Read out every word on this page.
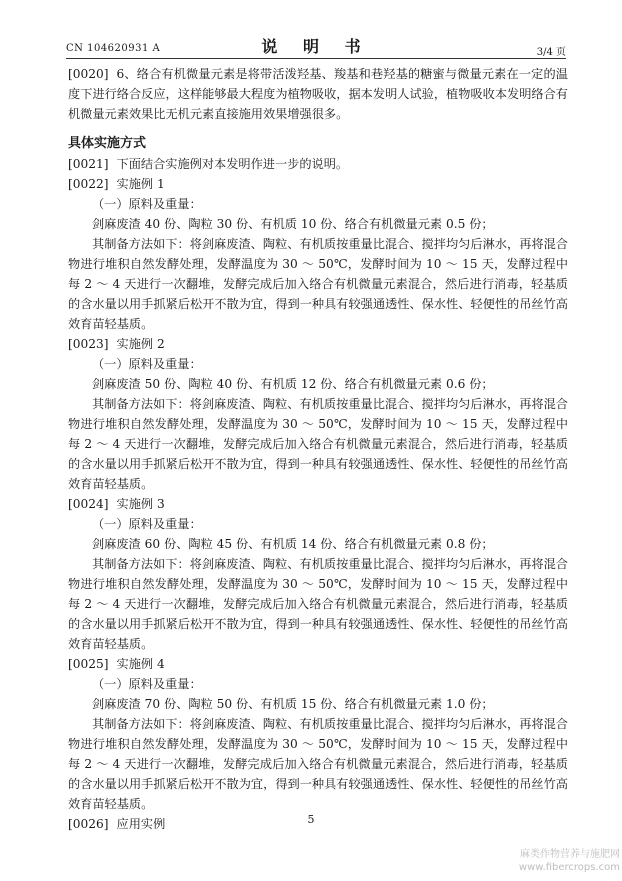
CN 104620931 A	说 明 书	3/4 页

[0020] 6、络合有机微量元素是将带活泼羟基、羧基和巷羟基的糖蜜与微量元素在一定的温度下进行络合反应，这样能够最大程度为植物吸收，据本发明人试验，植物吸收本发明络合有机微量元素效果比无机元素直接施用效果增强很多。

具体实施方式

[0021] 下面结合实施例对本发明作进一步的说明。

[0022] 实施例 1

（一）原料及重量：

剑麻废渣 40 份、陶粒 30 份、有机质 10 份、络合有机微量元素 0.5 份；

其制备方法如下：将剑麻废渣、陶粒、有机质按重量比混合、搅拌均匀后淋水，再将混合物进行堆积自然发酵处理，发酵温度为 30 ～ 50℃，发酵时间为 10 ～ 15 天，发酵过程中每 2 ～ 4 天进行一次翻堆，发酵完成后加入络合有机微量元素混合，然后进行消毒，轻基质的含水量以用手抓紧后松开不散为宜，得到一种具有较强通透性、保水性、轻便性的吊丝竹高效育苗轻基质。

[0023] 实施例 2

（一）原料及重量：

剑麻废渣 50 份、陶粒 40 份、有机质 12 份、络合有机微量元素 0.6 份；

其制备方法如下：将剑麻废渣、陶粒、有机质按重量比混合、搅拌均匀后淋水，再将混合物进行堆积自然发酵处理，发酵温度为 30 ～ 50℃，发酵时间为 10 ～ 15 天，发酵过程中每 2 ～ 4 天进行一次翻堆，发酵完成后加入络合有机微量元素混合，然后进行消毒，轻基质的含水量以用手抓紧后松开不散为宜，得到一种具有较强通透性、保水性、轻便性的吊丝竹高效育苗轻基质。

[0024] 实施例 3

（一）原料及重量：

剑麻废渣 60 份、陶粒 45 份、有机质 14 份、络合有机微量元素 0.8 份；

其制备方法如下：将剑麻废渣、陶粒、有机质按重量比混合、搅拌均匀后淋水，再将混合物进行堆积自然发酵处理，发酵温度为 30 ～ 50℃，发酵时间为 10 ～ 15 天，发酵过程中每 2 ～ 4 天进行一次翻堆，发酵完成后加入络合有机微量元素混合，然后进行消毒，轻基质的含水量以用手抓紧后松开不散为宜，得到一种具有较强通透性、保水性、轻便性的吊丝竹高效育苗轻基质。

[0025] 实施例 4

（一）原料及重量：

剑麻废渣 70 份、陶粒 50 份、有机质 15 份、络合有机微量元素 1.0 份；

其制备方法如下：将剑麻废渣、陶粒、有机质按重量比混合、搅拌均匀后淋水，再将混合物进行堆积自然发酵处理，发酵温度为 30 ～ 50℃，发酵时间为 10 ～ 15 天，发酵过程中每 2 ～ 4 天进行一次翻堆，发酵完成后加入络合有机微量元素混合，然后进行消毒，轻基质的含水量以用手抓紧后松开不散为宜，得到一种具有较强通透性、保水性、轻便性的吊丝竹高效育苗轻基质。

[0026] 应用实例	5
麻类作物营养与施肥网
www.fibercrops.com
